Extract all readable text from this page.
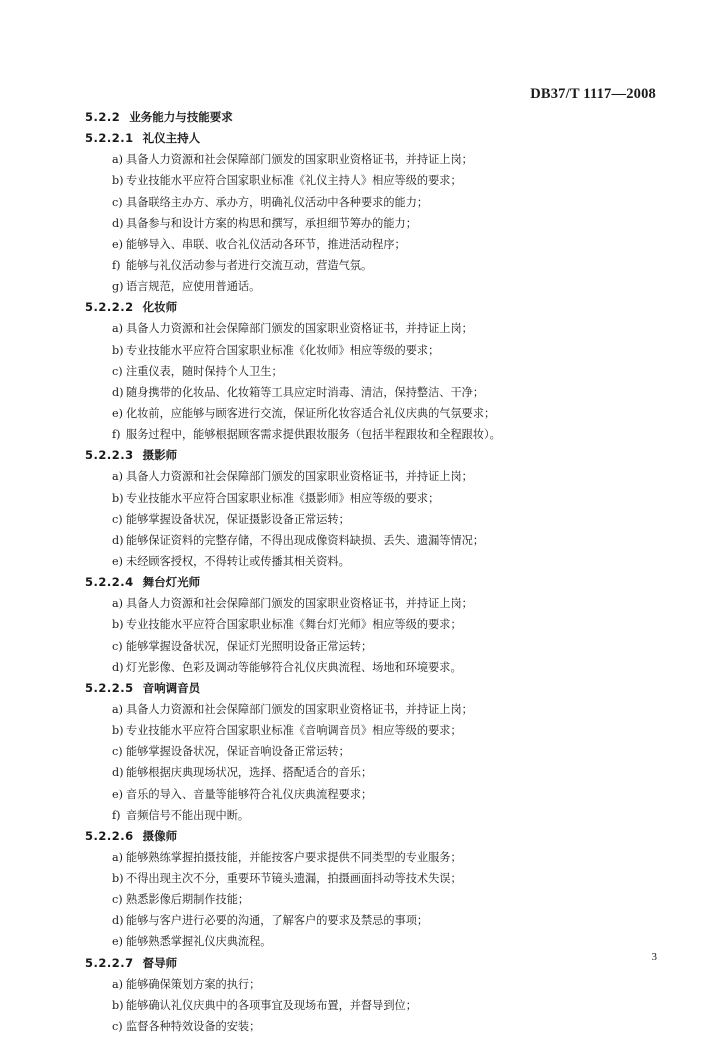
DB37/T 1117—2008
5.2.2 业务能力与技能要求
5.2.2.1 礼仪主持人
a) 具备人力资源和社会保障部门颁发的国家职业资格证书，并持证上岗；
b) 专业技能水平应符合国家职业标准《礼仪主持人》相应等级的要求；
c) 具备联络主办方、承办方，明确礼仪活动中各种要求的能力；
d) 具备参与和设计方案的构思和撰写，承担细节筹办的能力；
e) 能够导入、串联、收合礼仪活动各环节，推进活动程序；
f) 能够与礼仪活动参与者进行交流互动，营造气氛。
g) 语言规范，应使用普通话。
5.2.2.2 化妆师
a) 具备人力资源和社会保障部门颁发的国家职业资格证书，并持证上岗；
b) 专业技能水平应符合国家职业标准《化妆师》相应等级的要求；
c) 注重仪表，随时保持个人卫生；
d) 随身携带的化妆品、化妆箱等工具应定时消毒、清洁，保持整洁、干净；
e) 化妆前，应能够与顾客进行交流，保证所化妆容适合礼仪庆典的气氛要求；
f) 服务过程中，能够根据顾客需求提供跟妆服务（包括半程跟妆和全程跟妆）。
5.2.2.3 摄影师
a) 具备人力资源和社会保障部门颁发的国家职业资格证书，并持证上岗；
b) 专业技能水平应符合国家职业标准《摄影师》相应等级的要求；
c) 能够掌握设备状况，保证摄影设备正常运转；
d) 能够保证资料的完整存储，不得出现成像资料缺损、丢失、遗漏等情况；
e) 未经顾客授权，不得转让或传播其相关资料。
5.2.2.4 舞台灯光师
a) 具备人力资源和社会保障部门颁发的国家职业资格证书，并持证上岗；
b) 专业技能水平应符合国家职业标准《舞台灯光师》相应等级的要求；
c) 能够掌握设备状况，保证灯光照明设备正常运转；
d) 灯光影像、色彩及调动等能够符合礼仪庆典流程、场地和环境要求。
5.2.2.5 音响调音员
a) 具备人力资源和社会保障部门颁发的国家职业资格证书，并持证上岗；
b) 专业技能水平应符合国家职业标准《音响调音员》相应等级的要求；
c) 能够掌握设备状况，保证音响设备正常运转；
d) 能够根据庆典现场状况，选择、搭配适合的音乐；
e) 音乐的导入、音量等能够符合礼仪庆典流程要求；
f) 音频信号不能出现中断。
5.2.2.6 摄像师
a) 能够熟练掌握拍摄技能，并能按客户要求提供不同类型的专业服务；
b) 不得出现主次不分，重要环节镜头遗漏，拍摄画面抖动等技术失误；
c) 熟悉影像后期制作技能；
d) 能够与客户进行必要的沟通，了解客户的要求及禁忌的事项；
e) 能够熟悉掌握礼仪庆典流程。
5.2.2.7 督导师
a) 能够确保策划方案的执行；
b) 能够确认礼仪庆典中的各项事宜及现场布置，并督导到位；
c) 监督各种特效设备的安装；
3
